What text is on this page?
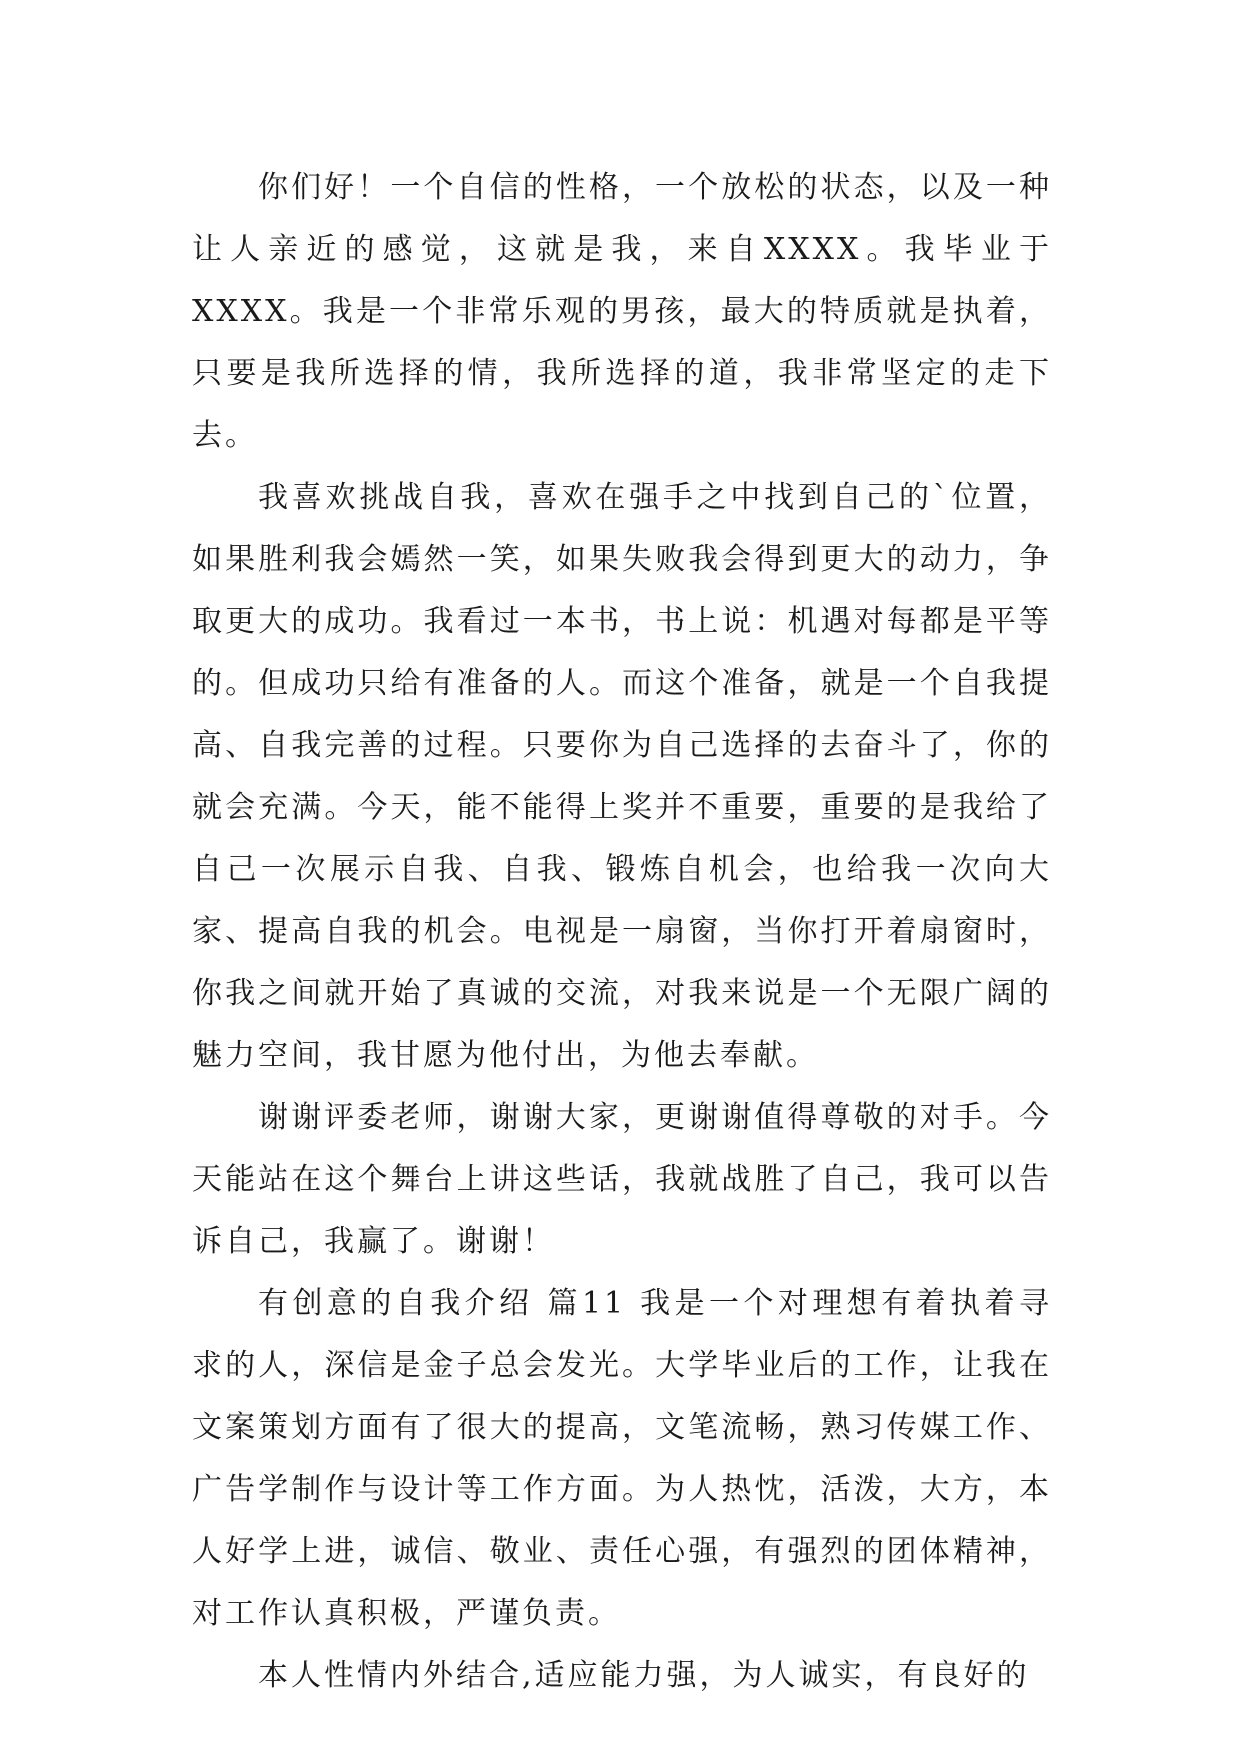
你们好！一个自信的性格，一个放松的状态，以及一种让人亲近的感觉，这就是我，来自XXXX。我毕业于XXXX。我是一个非常乐观的男孩，最大的特质就是执着，只要是我所选择的情，我所选择的道，我非常坚定的走下去。

我喜欢挑战自我，喜欢在强手之中找到自己的`位置，如果胜利我会嫣然一笑，如果失败我会得到更大的动力，争取更大的成功。我看过一本书，书上说：机遇对每都是平等的。但成功只给有准备的人。而这个准备，就是一个自我提高、自我完善的过程。只要你为自己选择的去奋斗了，你的就会充满。今天，能不能得上奖并不重要，重要的是我给了自己一次展示自我、自我、锻炼自机会，也给我一次向大家、提高自我的机会。电视是一扇窗，当你打开着扇窗时，你我之间就开始了真诚的交流，对我来说是一个无限广阔的魅力空间，我甘愿为他付出，为他去奉献。

谢谢评委老师，谢谢大家，更谢谢值得尊敬的对手。今天能站在这个舞台上讲这些话，我就战胜了自己，我可以告诉自己，我赢了。谢谢！

有创意的自我介绍 篇11 我是一个对理想有着执着寻求的人，深信是金子总会发光。大学毕业后的工作，让我在文案策划方面有了很大的提高，文笔流畅，熟习传媒工作、广告学制作与设计等工作方面。为人热忱，活泼，大方，本人好学上进，诚信、敬业、责任心强，有强烈的团体精神，对工作认真积极，严谨负责。

本人性情内外结合,适应能力强，为人诚实，有良好的
